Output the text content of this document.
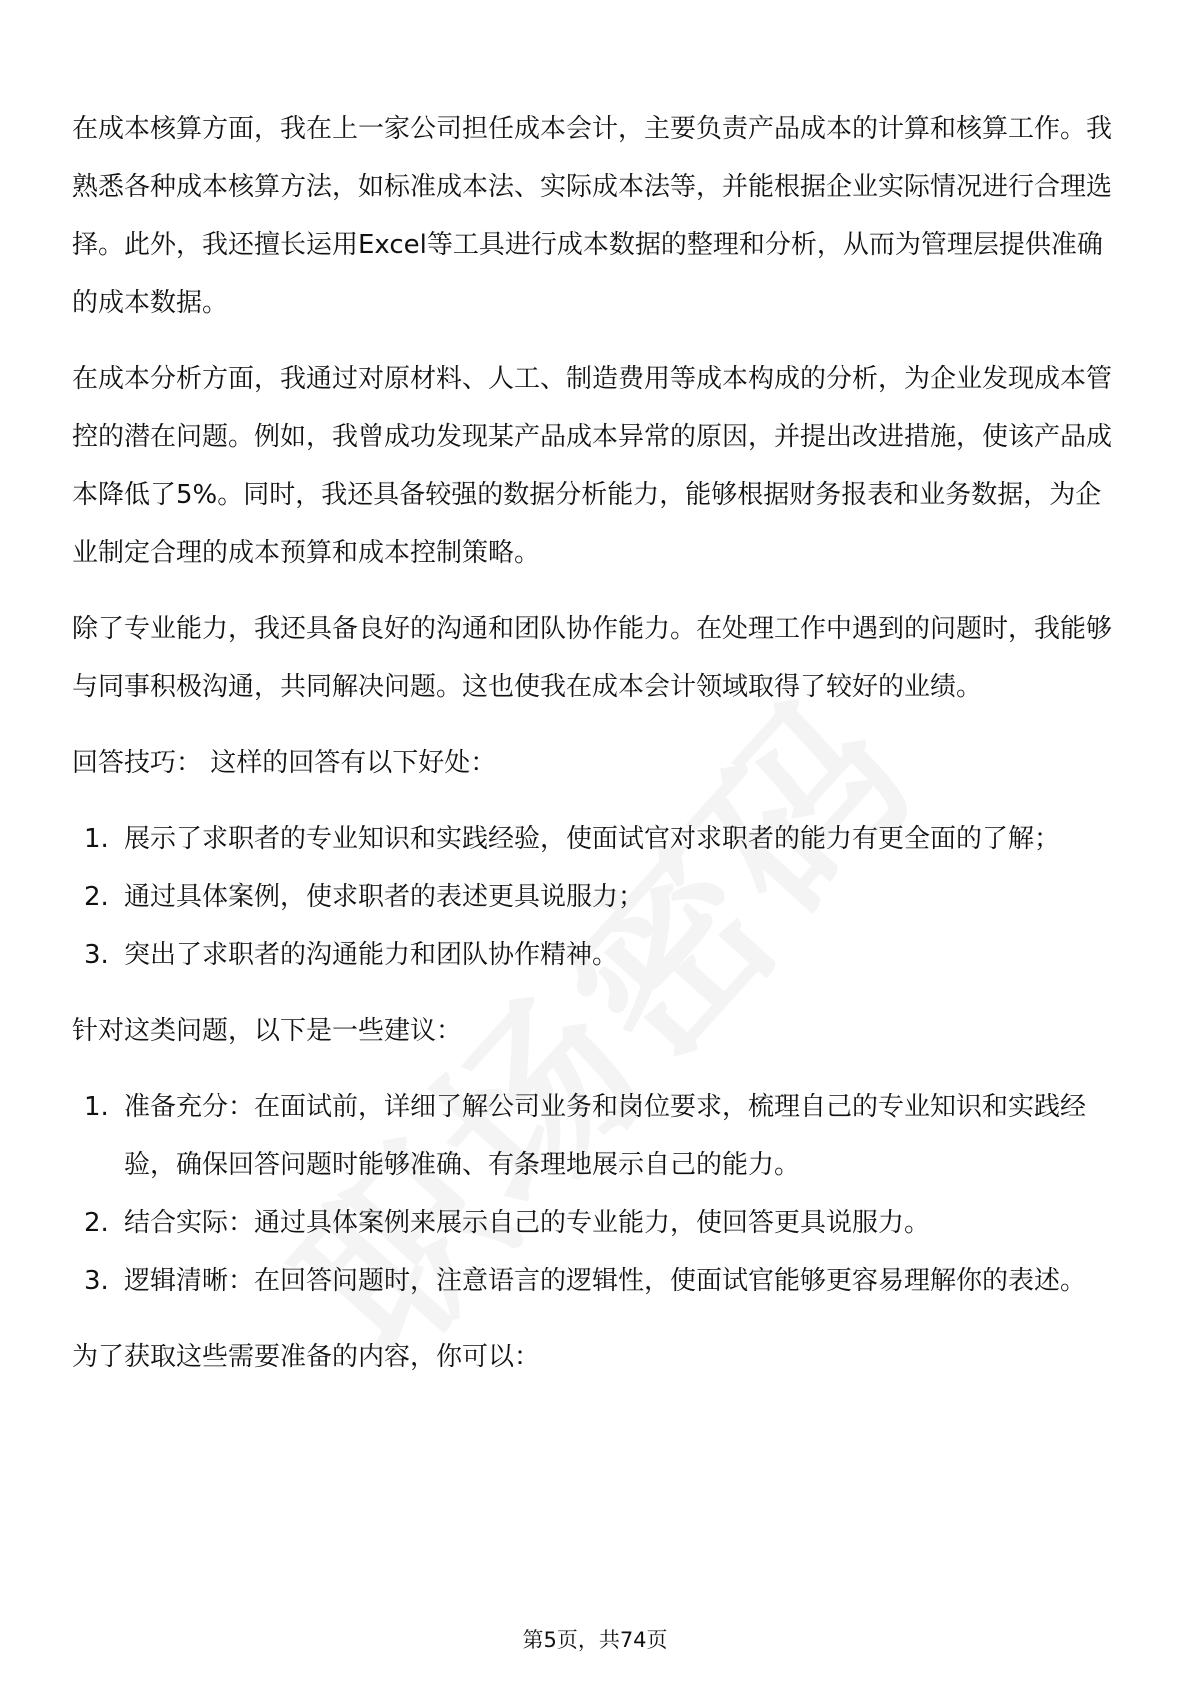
在成本核算方面，我在上一家公司担任成本会计，主要负责产品成本的计算和核算工作。我熟悉各种成本核算方法，如标准成本法、实际成本法等，并能根据企业实际情况进行合理选择。此外，我还擅长运用Excel等工具进行成本数据的整理和分析，从而为管理层提供准确的成本数据。

在成本分析方面，我通过对原材料、人工、制造费用等成本构成的分析，为企业发现成本管控的潜在问题。例如，我曾成功发现某产品成本异常的原因，并提出改进措施，使该产品成本降低了5%。同时，我还具备较强的数据分析能力，能够根据财务报表和业务数据，为企业制定合理的成本预算和成本控制策略。

除了专业能力，我还具备良好的沟通和团队协作能力。在处理工作中遇到的问题时，我能够与同事积极沟通，共同解决问题。这也使我在成本会计领域取得了较好的业绩。

回答技巧： 这样的回答有以下好处：

1. 展示了求职者的专业知识和实践经验，使面试官对求职者的能力有更全面的了解；
2. 通过具体案例，使求职者的表述更具说服力；
3. 突出了求职者的沟通能力和团队协作精神。

针对这类问题，以下是一些建议：

1. 准备充分：在面试前，详细了解公司业务和岗位要求，梳理自己的专业知识和实践经验，确保回答问题时能够准确、有条理地展示自己的能力。
2. 结合实际：通过具体案例来展示自己的专业能力，使回答更具说服力。
3. 逻辑清晰：在回答问题时，注意语言的逻辑性，使面试官能够更容易理解你的表述。

为了获取这些需要准备的内容，你可以：

第5页，共74页
